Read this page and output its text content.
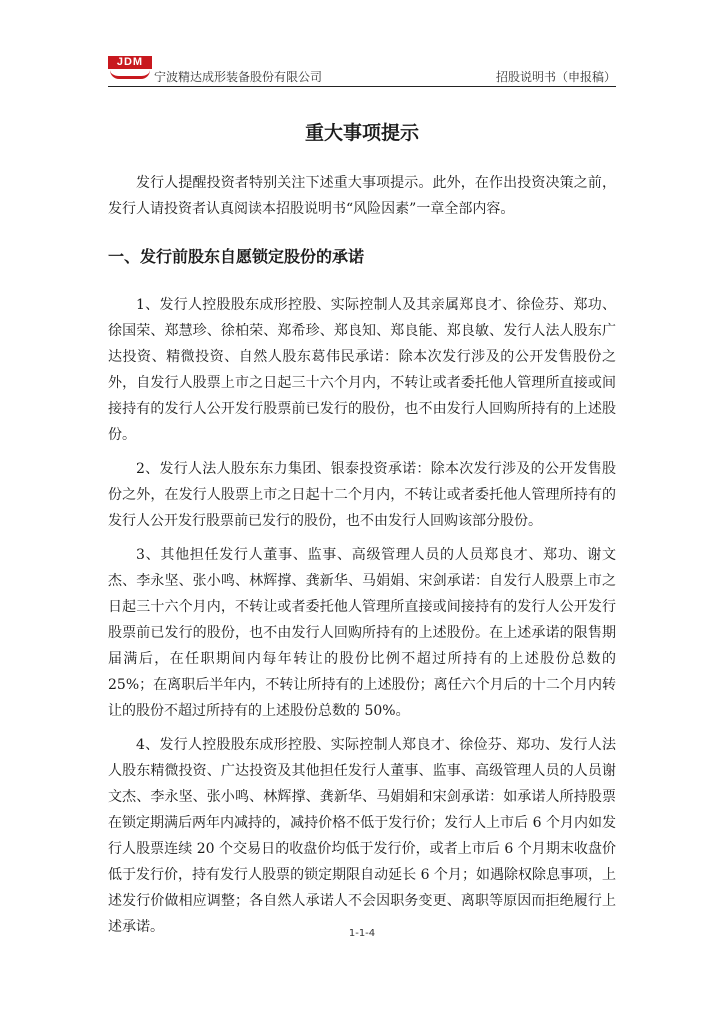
JDM
宁波精达成形装备股份有限公司	招股说明书（申报稿）
重大事项提示

发行人提醒投资者特别关注下述重大事项提示。此外，在作出投资决策之前，发行人请投资者认真阅读本招股说明书“风险因素”一章全部内容。

一、发行前股东自愿锁定股份的承诺

1、发行人控股股东成形控股、实际控制人及其亲属郑良才、徐俭芬、郑功、徐国荣、郑慧珍、徐柏荣、郑希珍、郑良知、郑良能、郑良敏、发行人法人股东广达投资、精微投资、自然人股东葛伟民承诺：除本次发行涉及的公开发售股份之外，自发行人股票上市之日起三十六个月内，不转让或者委托他人管理所直接或间接持有的发行人公开发行股票前已发行的股份，也不由发行人回购所持有的上述股份。

2、发行人法人股东东力集团、银泰投资承诺：除本次发行涉及的公开发售股份之外，在发行人股票上市之日起十二个月内，不转让或者委托他人管理所持有的发行人公开发行股票前已发行的股份，也不由发行人回购该部分股份。

3、其他担任发行人董事、监事、高级管理人员的人员郑良才、郑功、谢文杰、李永坚、张小鸣、林辉撑、龚新华、马娟娟、宋剑承诺：自发行人股票上市之日起三十六个月内，不转让或者委托他人管理所直接或间接持有的发行人公开发行股票前已发行的股份，也不由发行人回购所持有的上述股份。在上述承诺的限售期届满后，在任职期间内每年转让的股份比例不超过所持有的上述股份总数的 25%；在离职后半年内，不转让所持有的上述股份；离任六个月后的十二个月内转让的股份不超过所持有的上述股份总数的 50%。

4、发行人控股股东成形控股、实际控制人郑良才、徐俭芬、郑功、发行人法人股东精微投资、广达投资及其他担任发行人董事、监事、高级管理人员的人员谢文杰、李永坚、张小鸣、林辉撑、龚新华、马娟娟和宋剑承诺：如承诺人所持股票在锁定期满后两年内减持的，减持价格不低于发行价；发行人上市后 6 个月内如发行人股票连续 20 个交易日的收盘价均低于发行价，或者上市后 6 个月期末收盘价低于发行价，持有发行人股票的锁定期限自动延长 6 个月；如遇除权除息事项，上述发行价做相应调整；各自然人承诺人不会因职务变更、离职等原因而拒绝履行上述承诺。	1-1-4
